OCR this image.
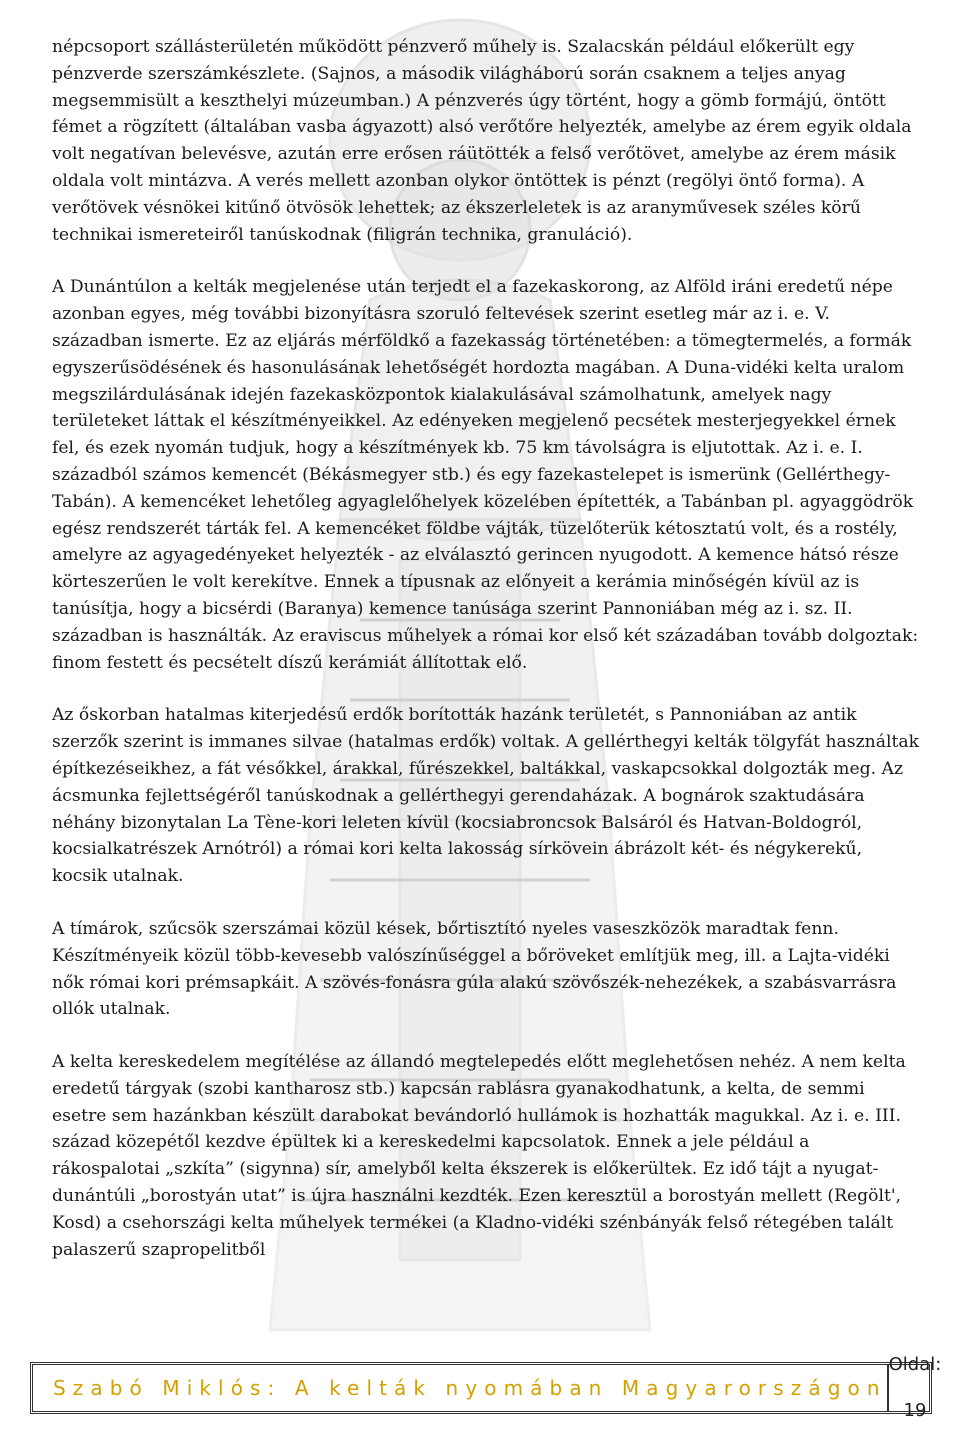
népcsoport szállásterületén működött pénzverő műhely is. Szalacskán például előkerült egy pénzverde szerszámkészlete. (Sajnos, a második világháború során csaknem a teljes anyag megsemmisült a keszthelyi múzeumban.) A pénzverés úgy történt, hogy a gömb formájú, öntött fémet a rögzített (általában vasba ágyazott) alsó verőtőre helyezték, amelybe az érem egyik oldala volt negatívan belevésve, azután erre erősen ráütötték a felső verőtövet, amelybe az érem másik oldala volt mintázva. A verés mellett azonban olykor öntöttek is pénzt (regölyi öntő forma). A verőtövek vésnökei kitűnő ötvösök lehettek; az ékszerleletek is az aranyművesek széles körű technikai ismereteiről tanúskodnak (filigrán technika, granuláció).

A Dunántúlon a kelták megjelenése után terjedt el a fazekaskorong, az Alföld iráni eredetű népe azonban egyes, még további bizonyításra szoruló feltevések szerint esetleg már az i. e. V. században ismerte. Ez az eljárás mérföldkő a fazekasság történetében: a tömegtermelés, a formák egyszerűsödésének és hasonulásának lehetőségét hordozta magában. A Duna-vidéki kelta uralom megszilárdulásának idején fazekasközpontok kialakulásával számolhatunk, amelyek nagy területeket láttak el készítményeikkel. Az edényeken megjelenő pecsétek mesterjegyekkel érnek fel, és ezek nyomán tudjuk, hogy a készítmények kb. 75 km távolságra is eljutottak. Az i. e. I. századból számos kemencét (Békásmegyer stb.) és egy fazekastelepet is ismerünk (Gellérthegy-Tabán). A kemencéket lehetőleg agyaglelőhelyek közelében építették, a Tabánban pl. agyaggödrök egész rendszerét tárták fel. A kemencéket földbe vájták, tüzelőterük kétosztatú volt, és a rostély, amelyre az agyagedényeket helyezték - az elválasztó gerincen nyugodott. A kemence hátsó része körteszerűen le volt kerekítve. Ennek a típusnak az előnyeit a kerámia minőségén kívül az is tanúsítja, hogy a bicsérdi (Baranya) kemence tanúsága szerint Pannoniában még az i. sz. II. században is használták. Az eraviscus műhelyek a római kor első két századában tovább dolgoztak: finom festett és pecsételt díszű kerámiát állítottak elő.

Az őskorban hatalmas kiterjedésű erdők borították hazánk területét, s Pannoniában az antik szerzők szerint is immanes silvae (hatalmas erdők) voltak. A gellérthegyi kelták tölgyfát használtak építkezéseikhez, a fát vésőkkel, árakkal, fűrészekkel, baltákkal, vaskapcsokkal dolgozták meg. Az ácsmunka fejlettségéről tanúskodnak a gellérthegyi gerendaházak. A bognárok szaktudására néhány bizonytalan La Tène-kori leleten kívül (kocsiabroncsok Balsáról és Hatvan-Boldogról, kocsialkatrészek Arnótról) a római kori kelta lakosság sírkövein ábrázolt két- és négykerekű, kocsik utalnak.

A tímárok, szűcsök szerszámai közül kések, bőrtisztító nyeles vaseszközök maradtak fenn. Készítményeik közül több-kevesebb valószínűséggel a bőröveket említjük meg, ill. a Lajta-vidéki nők római kori prémsapkáit. A szövés-fonásra gúla alakú szövőszék-nehezékek, a szabásvarrásra ollók utalnak.

A kelta kereskedelem megítélése az állandó megtelepedés előtt meglehetősen nehéz. A nem kelta eredetű tárgyak (szobi kantharosz stb.) kapcsán rablásra gyanakodhatunk, a kelta, de semmi esetre sem hazánkban készült darabokat bevándorló hullámok is hozhatták magukkal. Az i. e. III. század közepétől kezdve épültek ki a kereskedelmi kapcsolatok. Ennek a jele például a rákospalotai „szkíta” (sigynna) sír, amelyből kelta ékszerek is előkerültek. Ez idő tájt a nyugat-dunántúli „borostyán utat” is újra használni kezdték. Ezen keresztül a borostyán mellett (Regölt', Kosd) a csehországi kelta műhelyek termékei (a Kladno-vidéki szénbányák felső rétegében talált palaszerű szapropelitből

Szabó Miklós: A kelták nyomában Magyarországon
Oldal: 19
